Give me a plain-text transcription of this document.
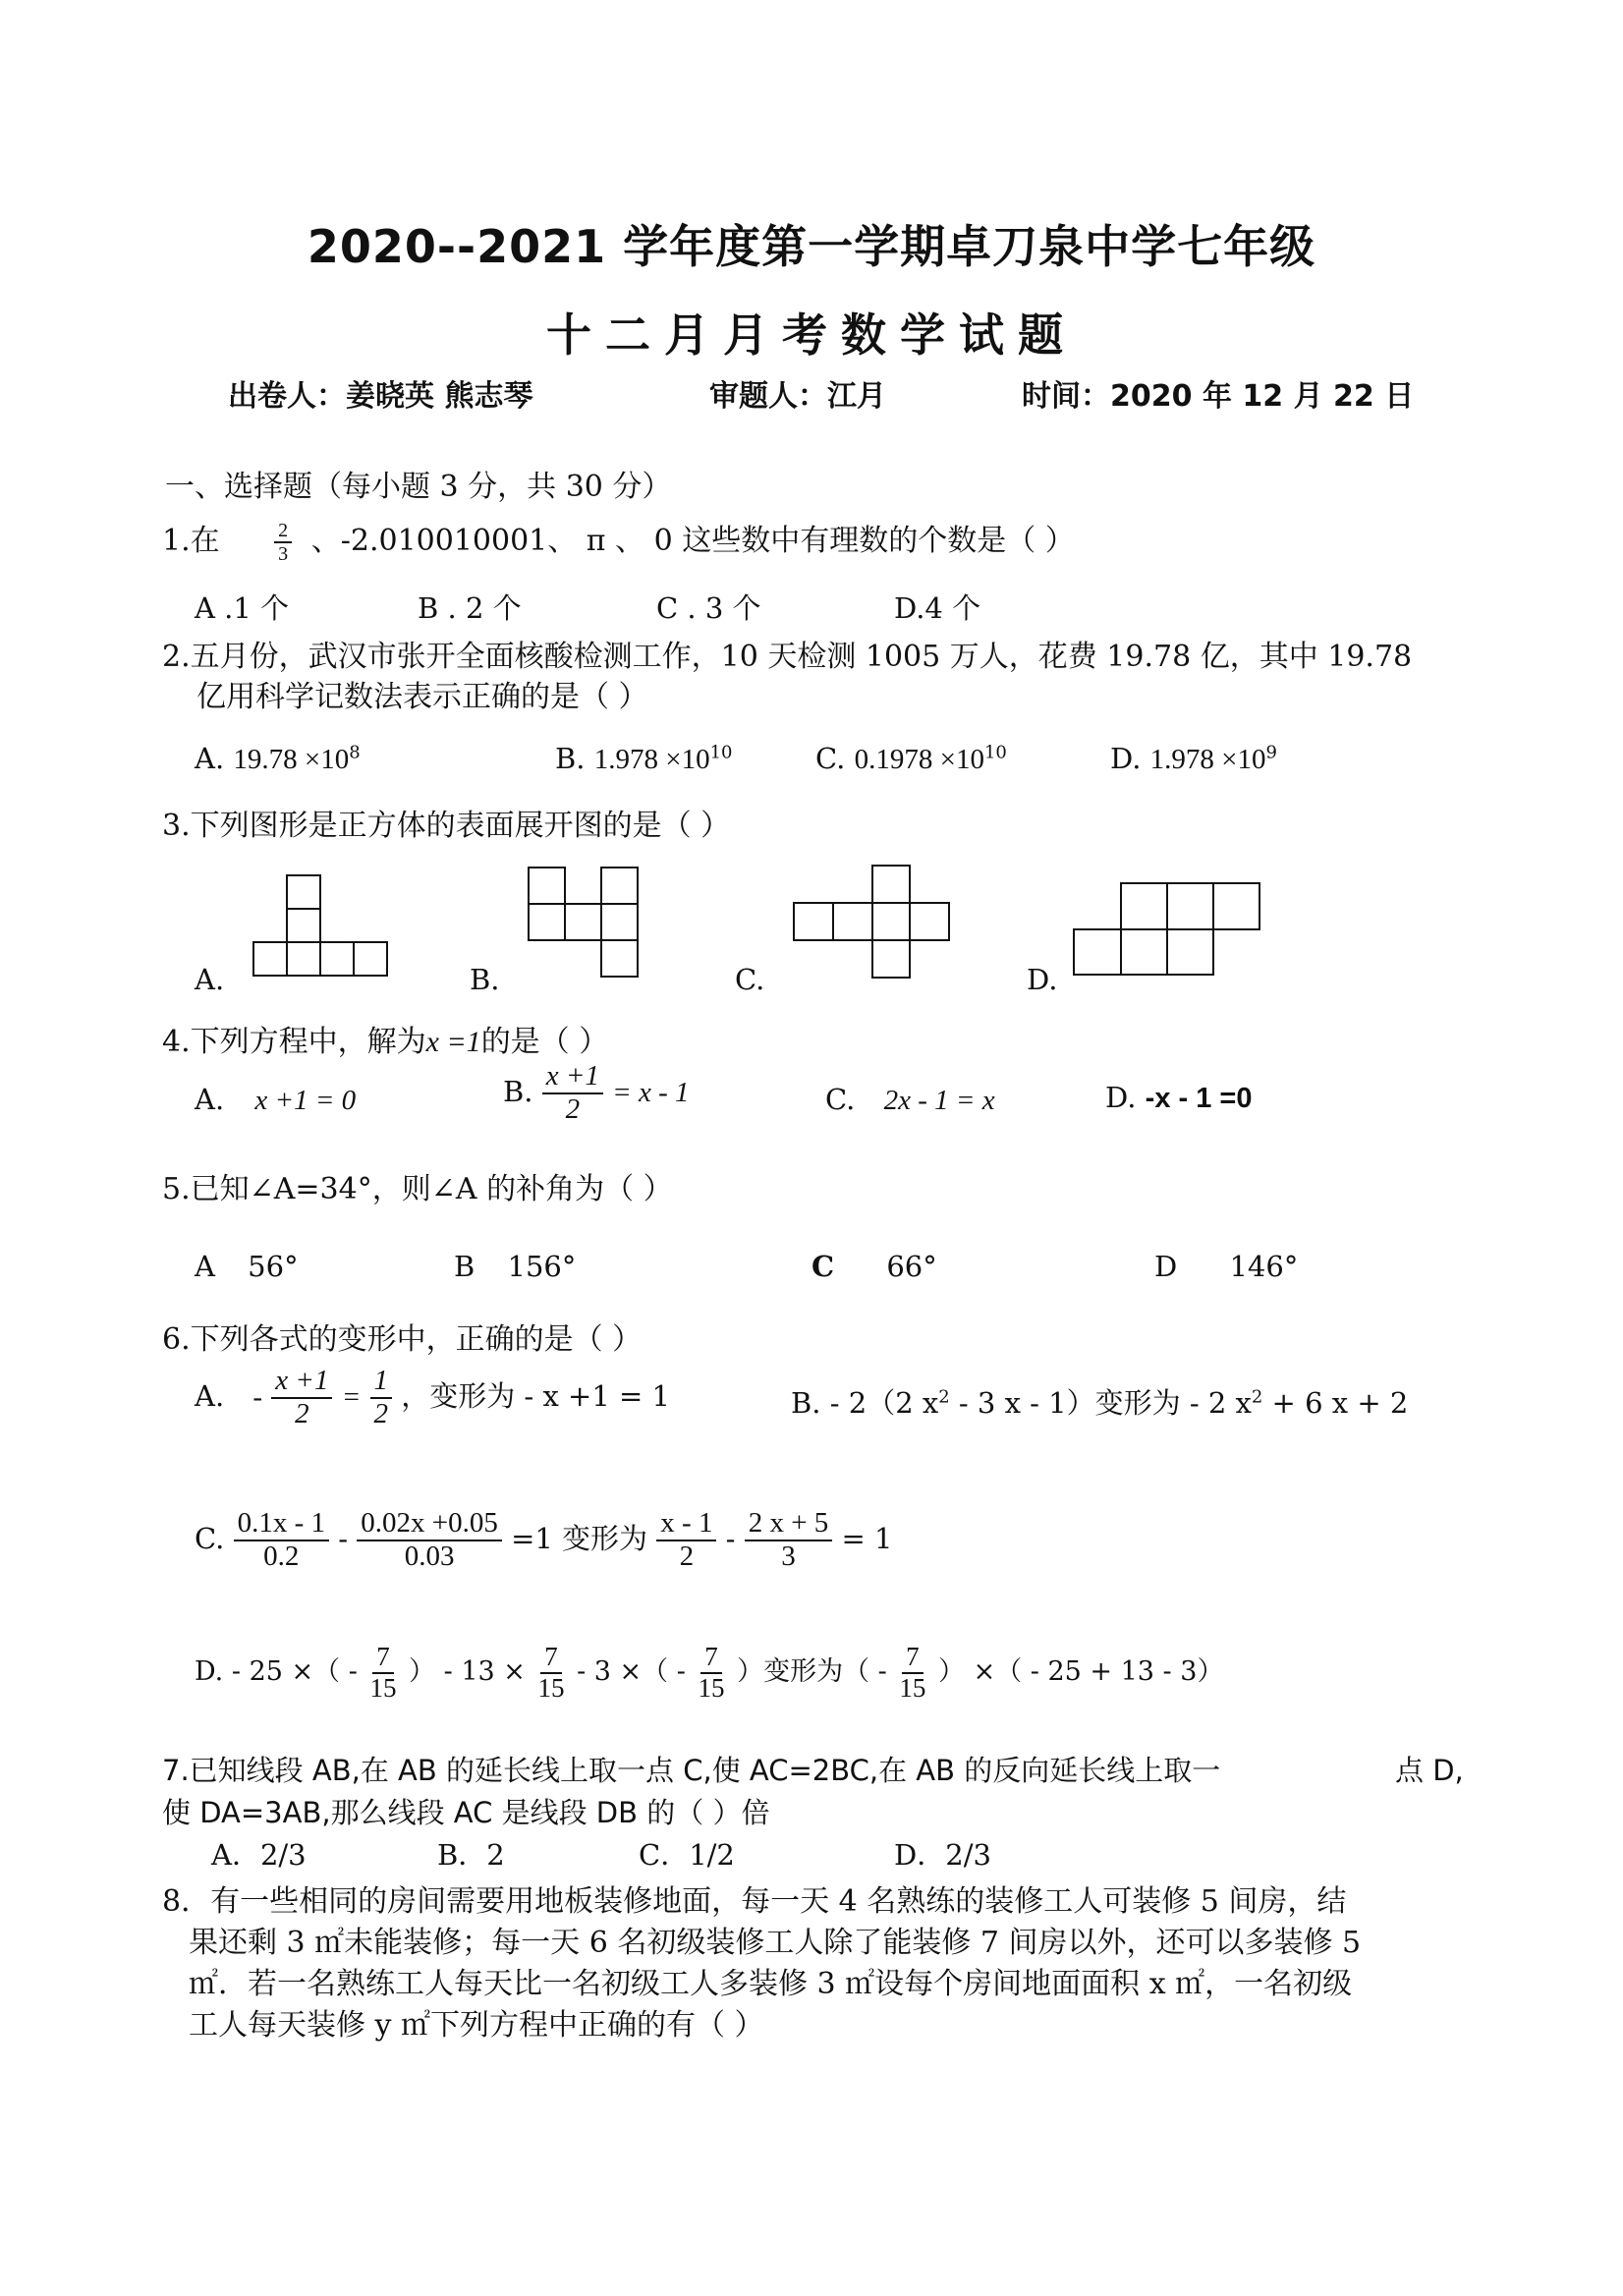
2020--2021 学年度第一学期卓刀泉中学七年级
十二月月考数学试题
出卷人：姜晓英 熊志琴	审题人：江月	时间：2020 年 12 月 22 日
一、选择题（每小题 3 分，共 30 分）
1.在	$\frac{2}{3}$ 、-2.010010001、 π 、 0 这些数中有理数的个数是（ ）
A .1 个	B . 2 个	C . 3 个	D.4 个
2.五月份，武汉市张开全面核酸检测工作，10 天检测 1005 万人，花费 19.78 亿，其中 19.78
亿用科学记数法表示正确的是（ ）
A. $19.78 \times 10^8$	B. $1.978 \times 10^{10}$	C. $0.1978 \times 10^{10}$	D. $1.978 \times 10^9$
3.下列图形是正方体的表面展开图的是（ ）
A.	B.	C.	D.
4.下列方程中，解为x =1的是（ ）
A. x +1 = 0	B. $\frac{x +1}{2} = x - 1$	C. 2x - 1 = x	D. -x - 1 =0
5.已知∠A=34°，则∠A 的补角为（ ）
A 56°	B 156°	C 66°	D 146°
6.下列各式的变形中，正确的是（ ）
A. - $\frac{x +1}{2} = \frac{1}{2}$ ，变形为 - x +1 = 1	B. - 2（2 $x^2 - 3$ x - 1）变形为 - 2 $x^2 + 6$ x + 2
C. $\frac{0.1x - 1}{0.2} - \frac{0.02x +0.05}{0.03} =1$ 变形为 $\frac{x - 1}{2} - \frac{2 x + 5}{3} = 1$
D. - 25 ×（ - $\frac{7}{15}$ ） - $13 \times \frac{7}{15} - 3$ ×（ - $\frac{7}{15}$ ）变形为（ - $\frac{7}{15}$ ） ×（ - 25 + 13 - 3）
7.已知线段 AB,在 AB 的延长线上取一点 C,使 AC=2BC,在 AB 的反向延长线上取一	点 D,
使 DA=3AB,那么线段 AC 是线段 DB 的（ ）倍
A．2/3	B．2	C．1/2	D．2/3
8．有一些相同的房间需要用地板装修地面，每一天 4 名熟练的装修工人可装修 5 间房，结
果还剩 3 ㎡未能装修；每一天 6 名初级装修工人除了能装修 7 间房以外，还可以多装修 5
㎡．若一名熟练工人每天比一名初级工人多装修 3 ㎡设每个房间地面面积 x ㎡，一名初级
工人每天装修 y ㎡下列方程中正确的有（ ）
